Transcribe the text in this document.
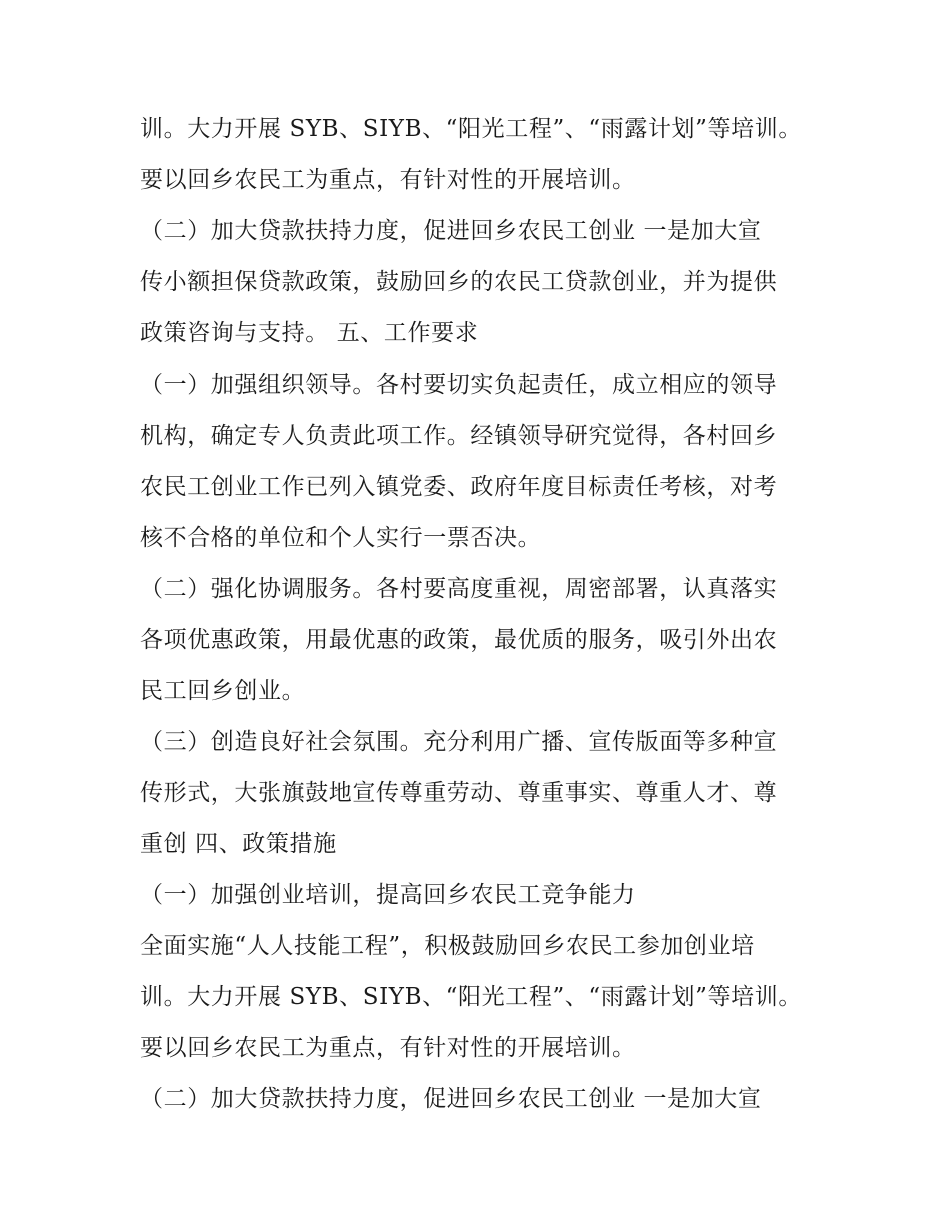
训。大力开展 SYB、SIYB、“阳光工程”、“雨露计划”等培训。
要以回乡农民工为重点，有针对性的开展培训。
（二）加大贷款扶持力度，促进回乡农民工创业 一是加大宣
传小额担保贷款政策，鼓励回乡的农民工贷款创业，并为提供
政策咨询与支持。 五、工作要求
（一）加强组织领导。各村要切实负起责任，成立相应的领导
机构，确定专人负责此项工作。经镇领导研究觉得，各村回乡
农民工创业工作已列入镇党委、政府年度目标责任考核，对考
核不合格的单位和个人实行一票否决。
（二）强化协调服务。各村要高度重视，周密部署，认真落实
各项优惠政策，用最优惠的政策，最优质的服务，吸引外出农
民工回乡创业。
（三）创造良好社会氛围。充分利用广播、宣传版面等多种宣
传形式，大张旗鼓地宣传尊重劳动、尊重事实、尊重人才、尊
重创 四、政策措施
（一）加强创业培训，提高回乡农民工竞争能力
全面实施“人人技能工程”，积极鼓励回乡农民工参加创业培
训。大力开展 SYB、SIYB、“阳光工程”、“雨露计划”等培训。
要以回乡农民工为重点，有针对性的开展培训。
（二）加大贷款扶持力度，促进回乡农民工创业 一是加大宣
